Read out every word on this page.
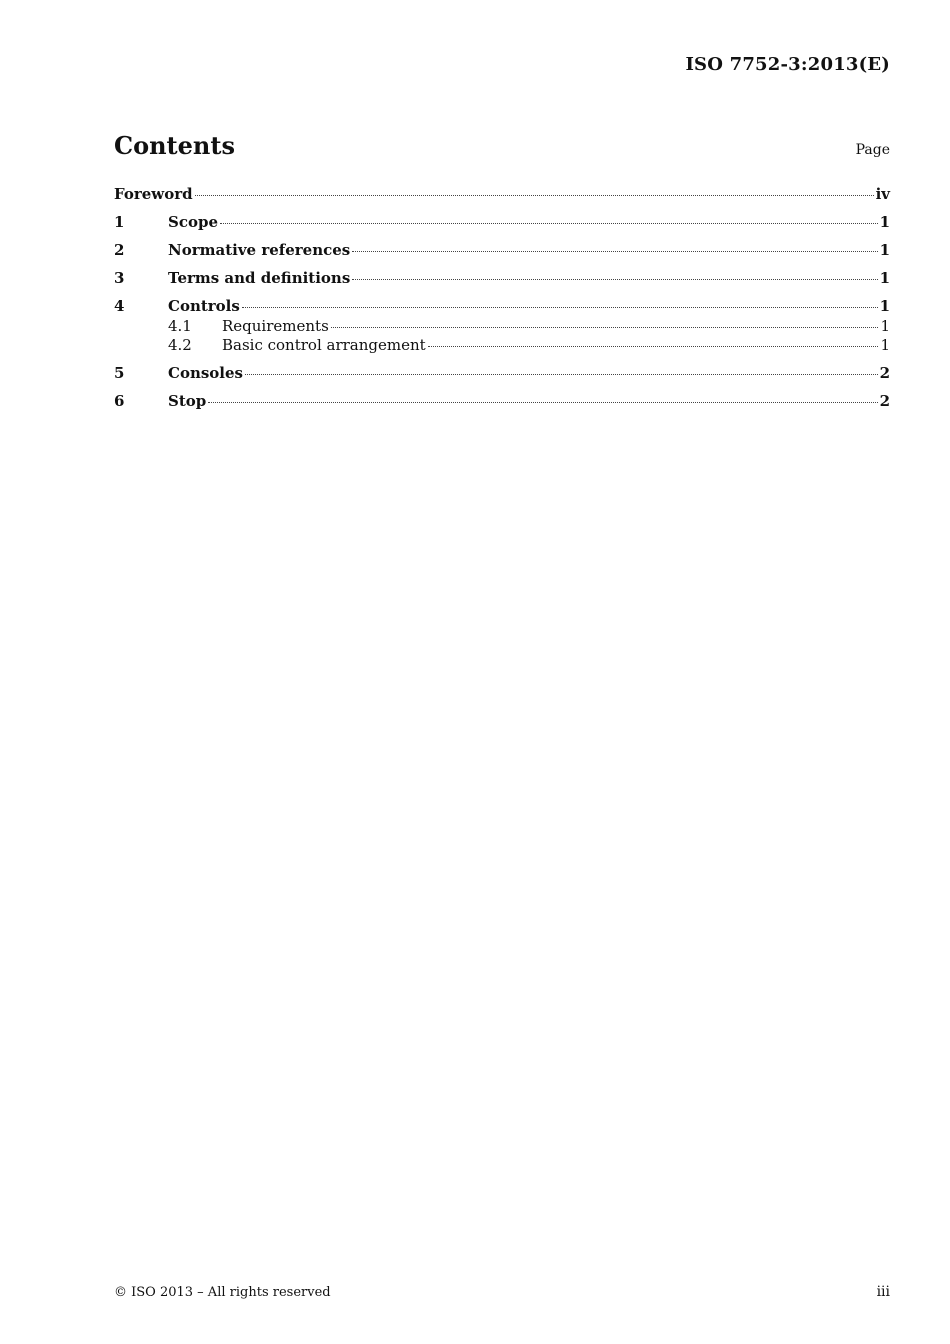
ISO 7752-3:2013(E)
Contents	Page
Foreword	iv
1	Scope	1
2	Normative references	1
3	Terms and definitions	1
4	Controls	1
4.1	Requirements	1
4.2	Basic control arrangement	1
5	Consoles	2
6	Stop	2
© ISO 2013 – All rights reserved	iii
